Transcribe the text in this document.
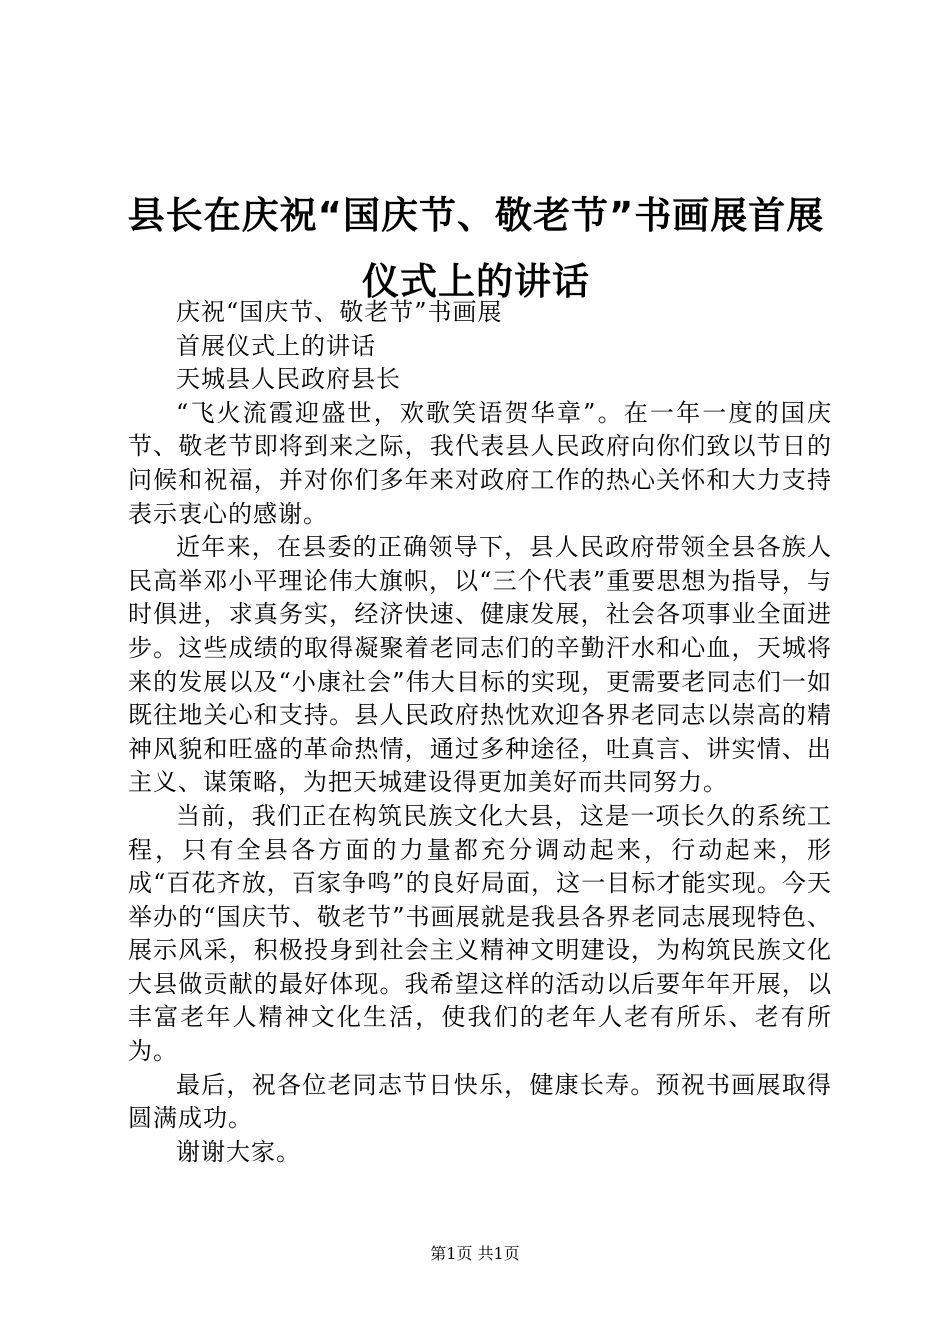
县长在庆祝“国庆节、敬老节”书画展首展仪式上的讲话

庆祝“国庆节、敬老节”书画展

首展仪式上的讲话

天城县人民政府县长

“飞火流霞迎盛世，欢歌笑语贺华章”。在一年一度的国庆节、敬老节即将到来之际，我代表县人民政府向你们致以节日的问候和祝福，并对你们多年来对政府工作的热心关怀和大力支持表示衷心的感谢。

近年来，在县委的正确领导下，县人民政府带领全县各族人民高举邓小平理论伟大旗帜，以“三个代表”重要思想为指导，与时俱进，求真务实，经济快速、健康发展，社会各项事业全面进步。这些成绩的取得凝聚着老同志们的辛勤汗水和心血，天城将来的发展以及“小康社会”伟大目标的实现，更需要老同志们一如既往地关心和支持。县人民政府热忱欢迎各界老同志以崇高的精神风貌和旺盛的革命热情，通过多种途径，吐真言、讲实情、出主义、谋策略，为把天城建设得更加美好而共同努力。

当前，我们正在构筑民族文化大县，这是一项长久的系统工程，只有全县各方面的力量都充分调动起来，行动起来，形成“百花齐放，百家争鸣”的良好局面，这一目标才能实现。今天举办的“国庆节、敬老节”书画展就是我县各界老同志展现特色、展示风采，积极投身到社会主义精神文明建设，为构筑民族文化大县做贡献的最好体现。我希望这样的活动以后要年年开展，以丰富老年人精神文化生活，使我们的老年人老有所乐、老有所为。

最后，祝各位老同志节日快乐，健康长寿。预祝书画展取得圆满成功。

谢谢大家。

第1页 共1页
